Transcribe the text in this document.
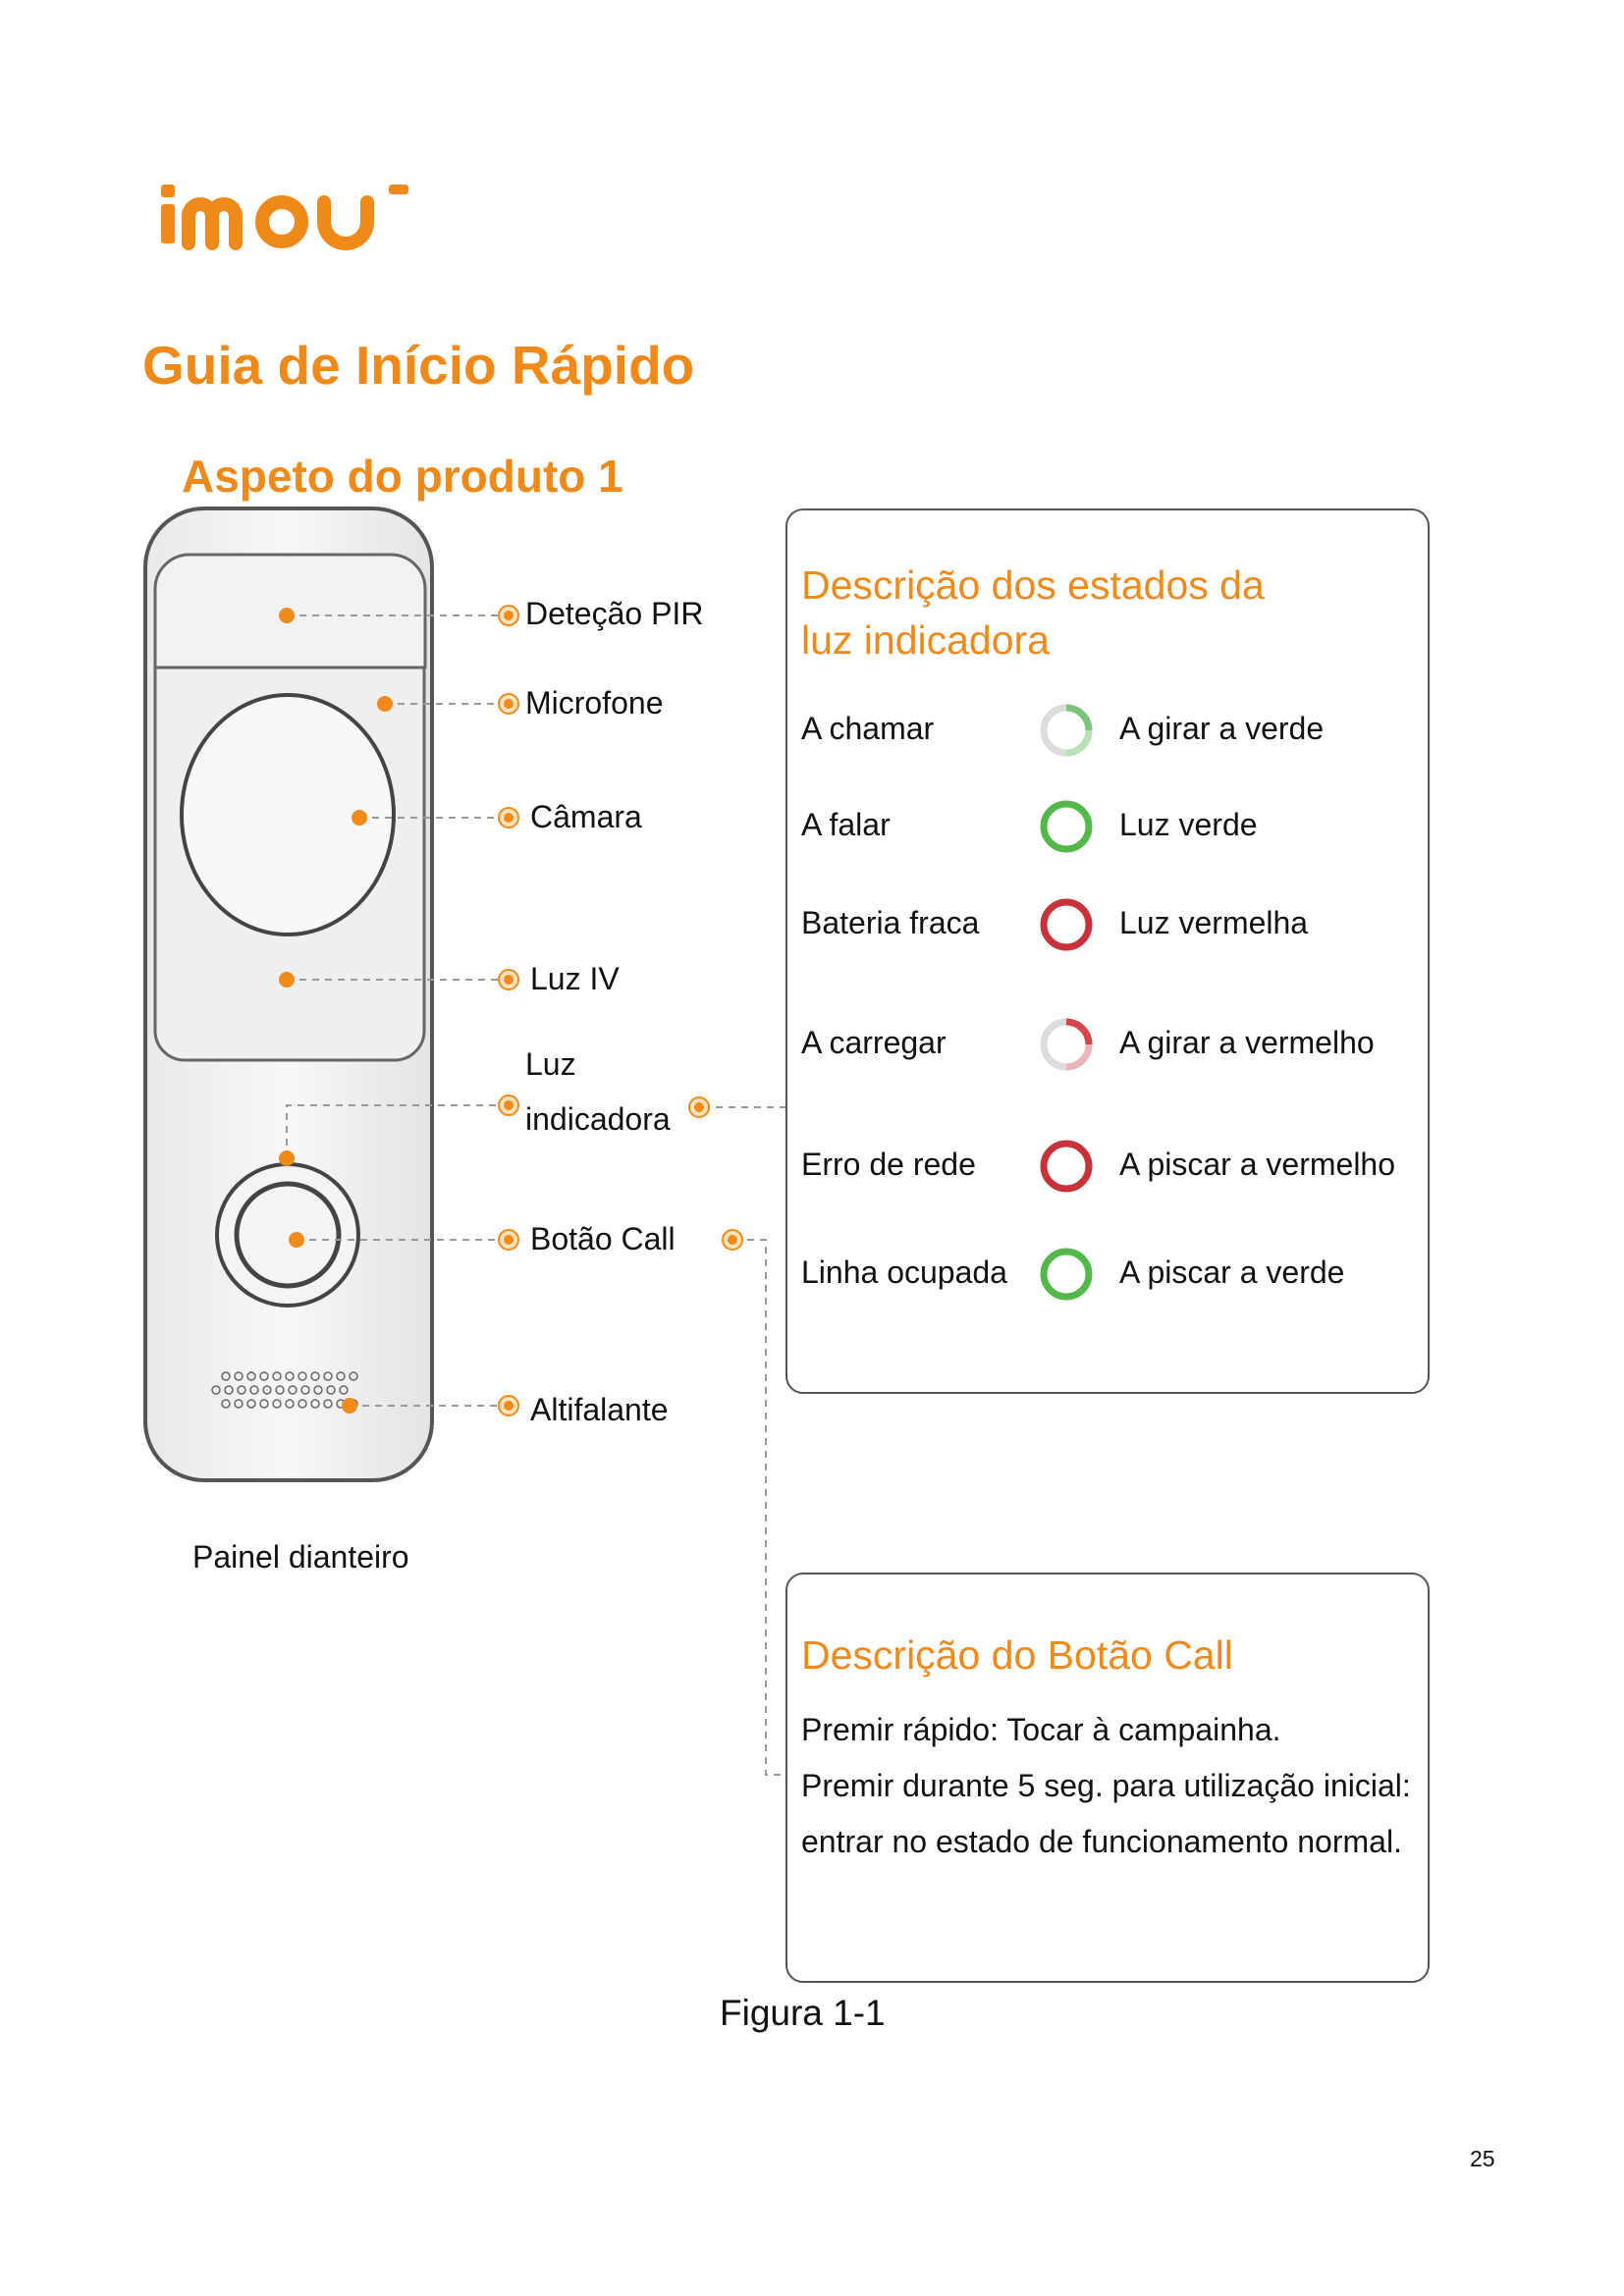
Guia de Início Rápido
Aspeto do produto 1
Deteção PIR
Microfone
Câmara
Luz IV
Luz
indicadora
Botão Call
Altifalante
Painel dianteiro
Descrição dos estados da
luz indicadora
A chamar	A girar a verde
A falar	Luz verde
Bateria fraca	Luz vermelha
A carregar	A girar a vermelho
Erro de rede	A piscar a vermelho
Linha ocupada	A piscar a verde
Descrição do Botão Call
Premir rápido: Tocar à campainha.
Premir durante 5 seg. para utilização inicial:
entrar no estado de funcionamento normal.
Figura 1-1
25
